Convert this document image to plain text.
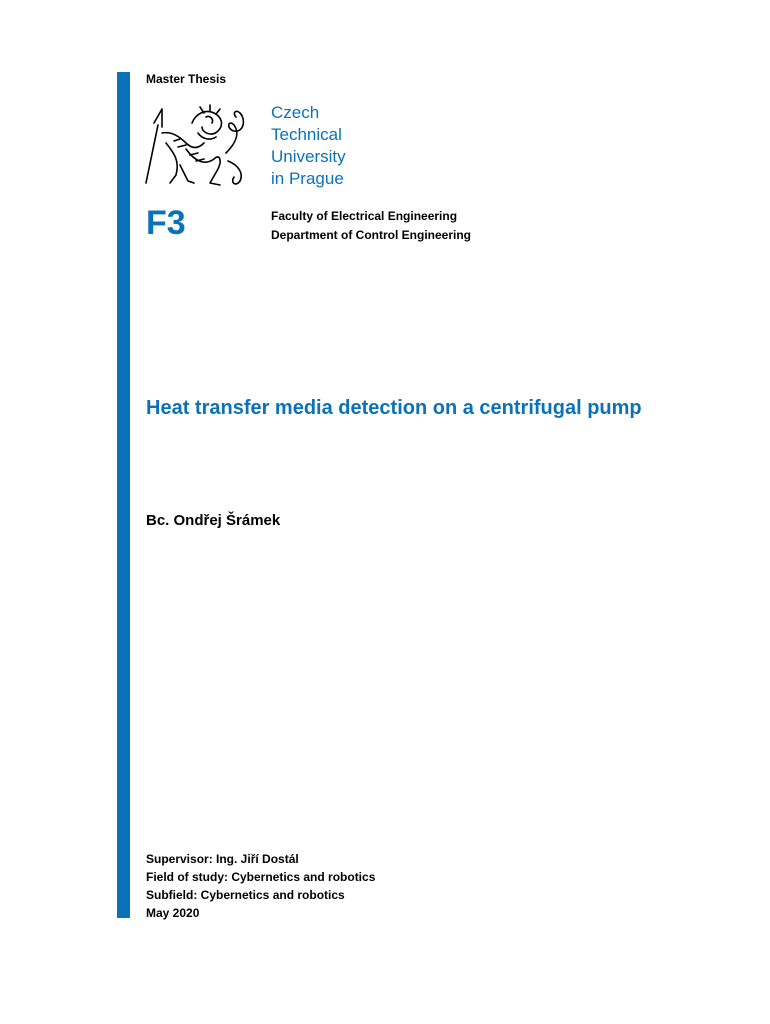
Master Thesis
Czech
Technical
University
in Prague
F3	Faculty of Electrical Engineering
Department of Control Engineering
Heat transfer media detection on a centrifugal pump
Bc. Ondřej Šrámek
Supervisor: Ing. Jiří Dostál
Field of study: Cybernetics and robotics
Subfield: Cybernetics and robotics
May 2020
